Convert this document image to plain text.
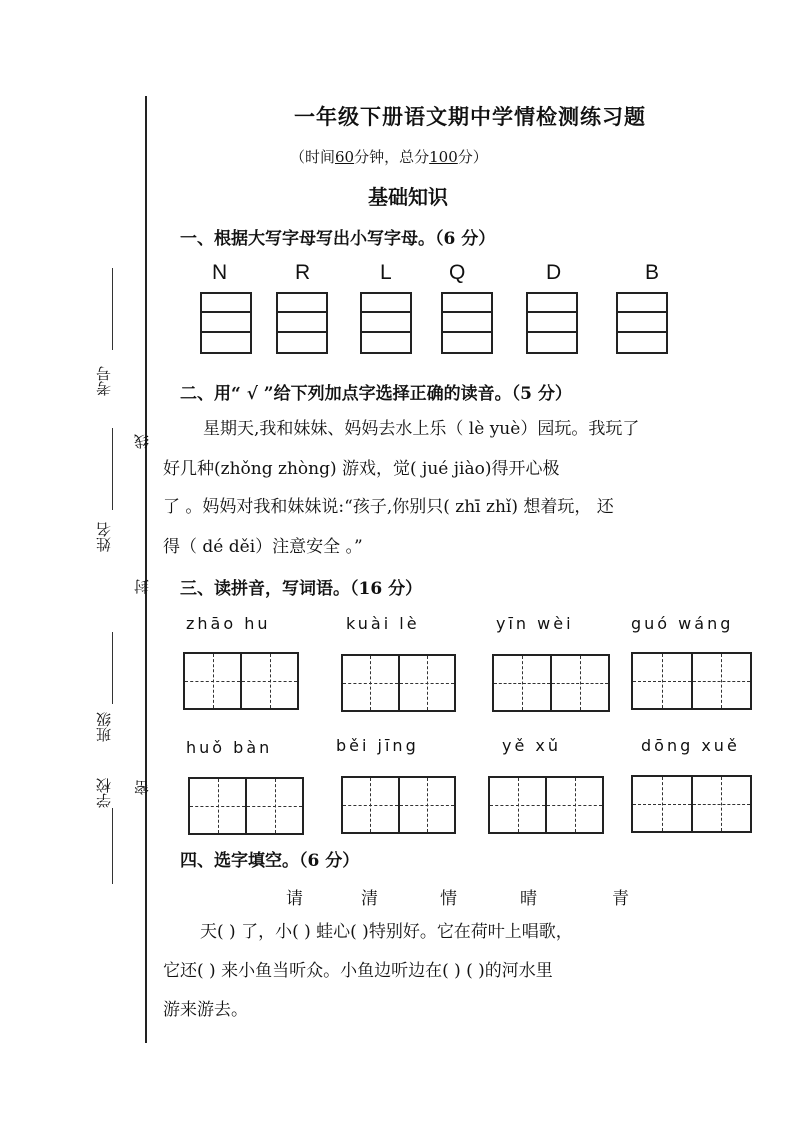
考号
姓名
班级
学校
线
封
密
一年级下册语文期中学情检测练习题
（时间60分钟，总分100分）
基础知识
一、根据大写字母写出小写字母。（6 分）
N	R	L	Q	D	B
二、用“ √ ”给下列加点字选择正确的读音。（5 分）
星期天,我和妹妹、妈妈去水上乐（ lè yuè）园玩。我玩了
好几种(zhǒng zhòng) 游戏，觉( jué jiào)得开心极
了 。妈妈对我和妹妹说:“孩子,你别只( zhī zhǐ) 想着玩， 还
得（ dé děi）注意安全 。”
三、读拼音，写词语。（16 分）
zhāo hu	kuài lè	yīn wèi	guó wáng
huǒ bàn	běi jīng	yě xǔ	dōng xuě
四、选字填空。（6 分）
请	清	情	晴	青
天( ) 了，小( ) 蛙心( )特别好。它在荷叶上唱歌，
它还( ) 来小鱼当听众。小鱼边听边在( ) ( )的河水里
游来游去。
